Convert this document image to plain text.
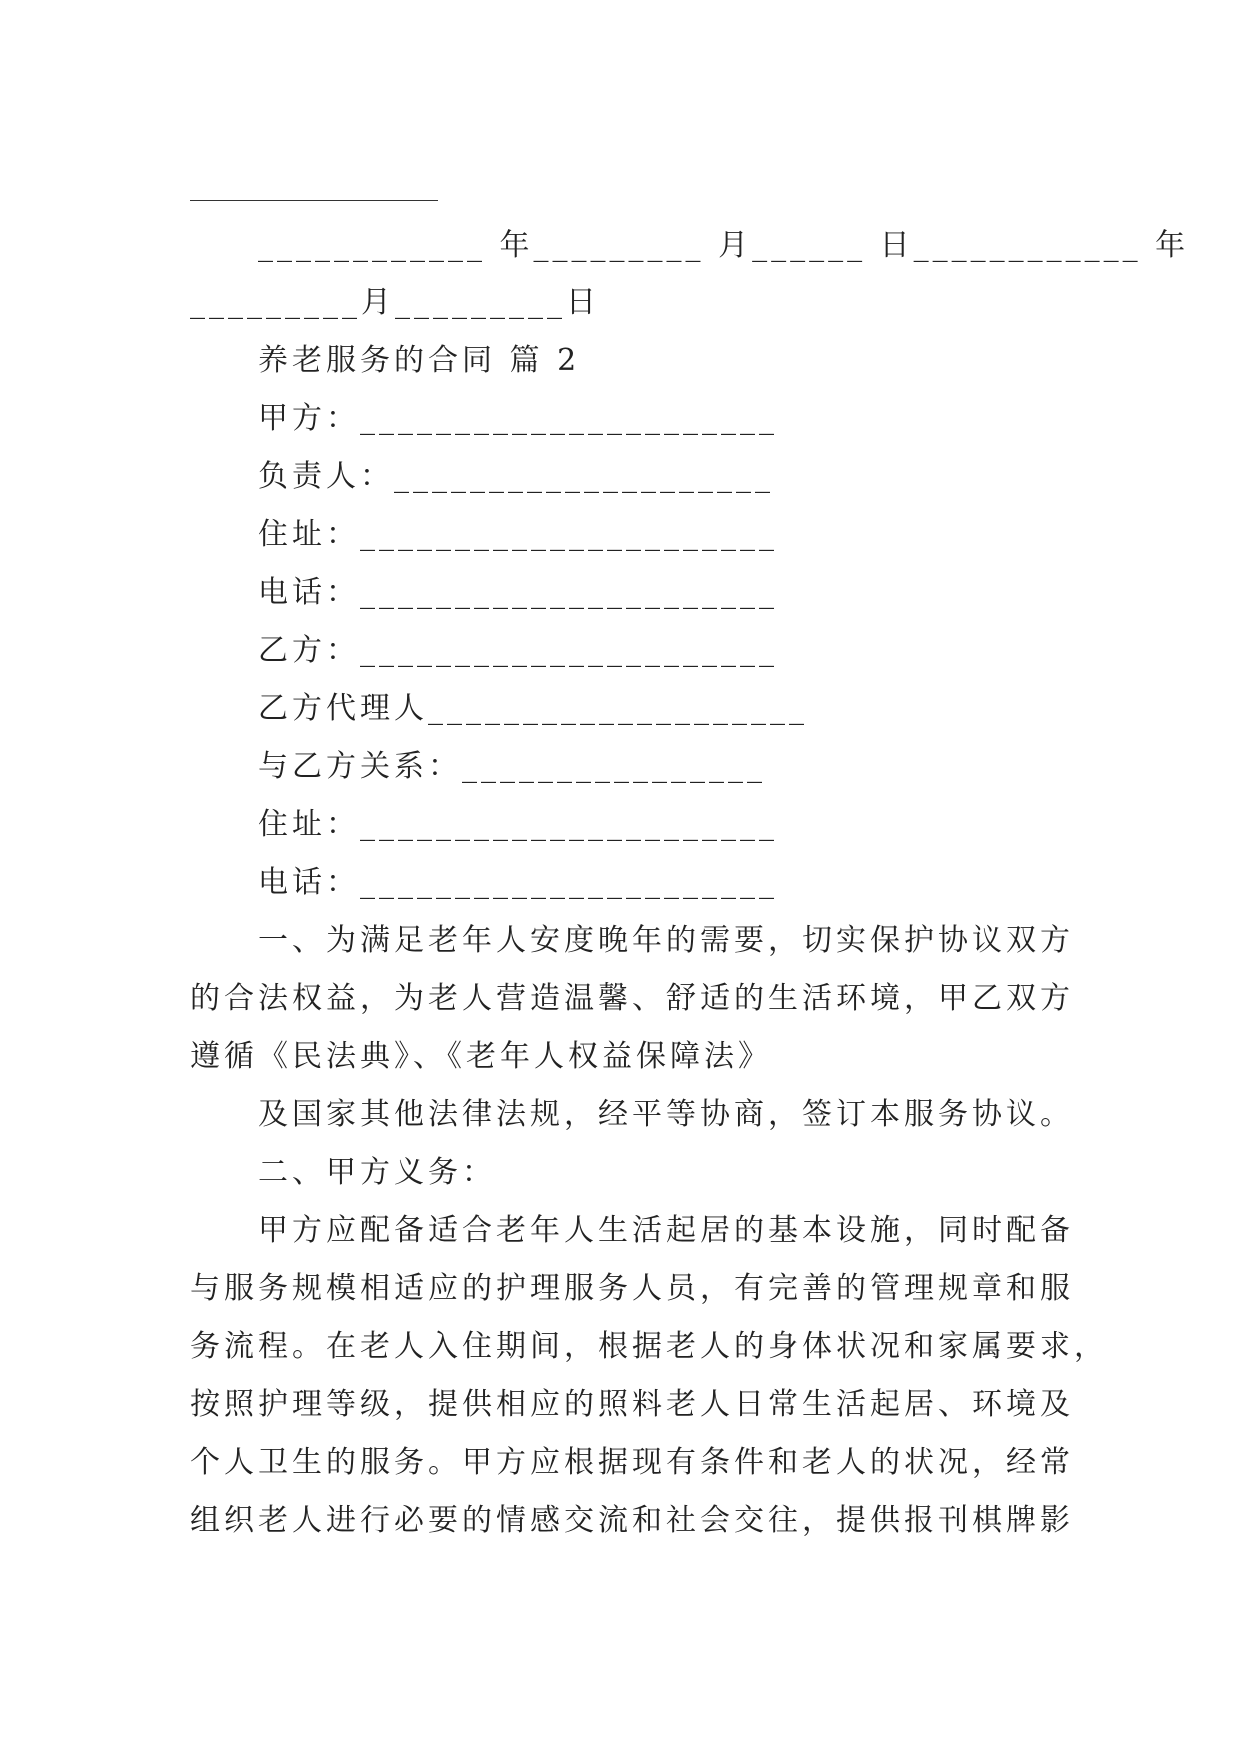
____________ 年_________ 月______ 日____________ 年
_________月_________日
养老服务的合同 篇 2
甲方：______________________
负责人：____________________
住址：______________________
电话：______________________
乙方：______________________
乙方代理人____________________
与乙方关系：________________
住址：______________________
电话：______________________
一、为满足老年人安度晚年的需要，切实保护协议双方
的合法权益，为老人营造温馨、舒适的生活环境，甲乙双方
遵循《民法典》、《老年人权益保障法》
及国家其他法律法规，经平等协商，签订本服务协议。
二、甲方义务：
甲方应配备适合老年人生活起居的基本设施，同时配备
与服务规模相适应的护理服务人员，有完善的管理规章和服
务流程。在老人入住期间，根据老人的身体状况和家属要求，
按照护理等级，提供相应的照料老人日常生活起居、环境及
个人卫生的服务。甲方应根据现有条件和老人的状况，经常
组织老人进行必要的情感交流和社会交往，提供报刊棋牌影
